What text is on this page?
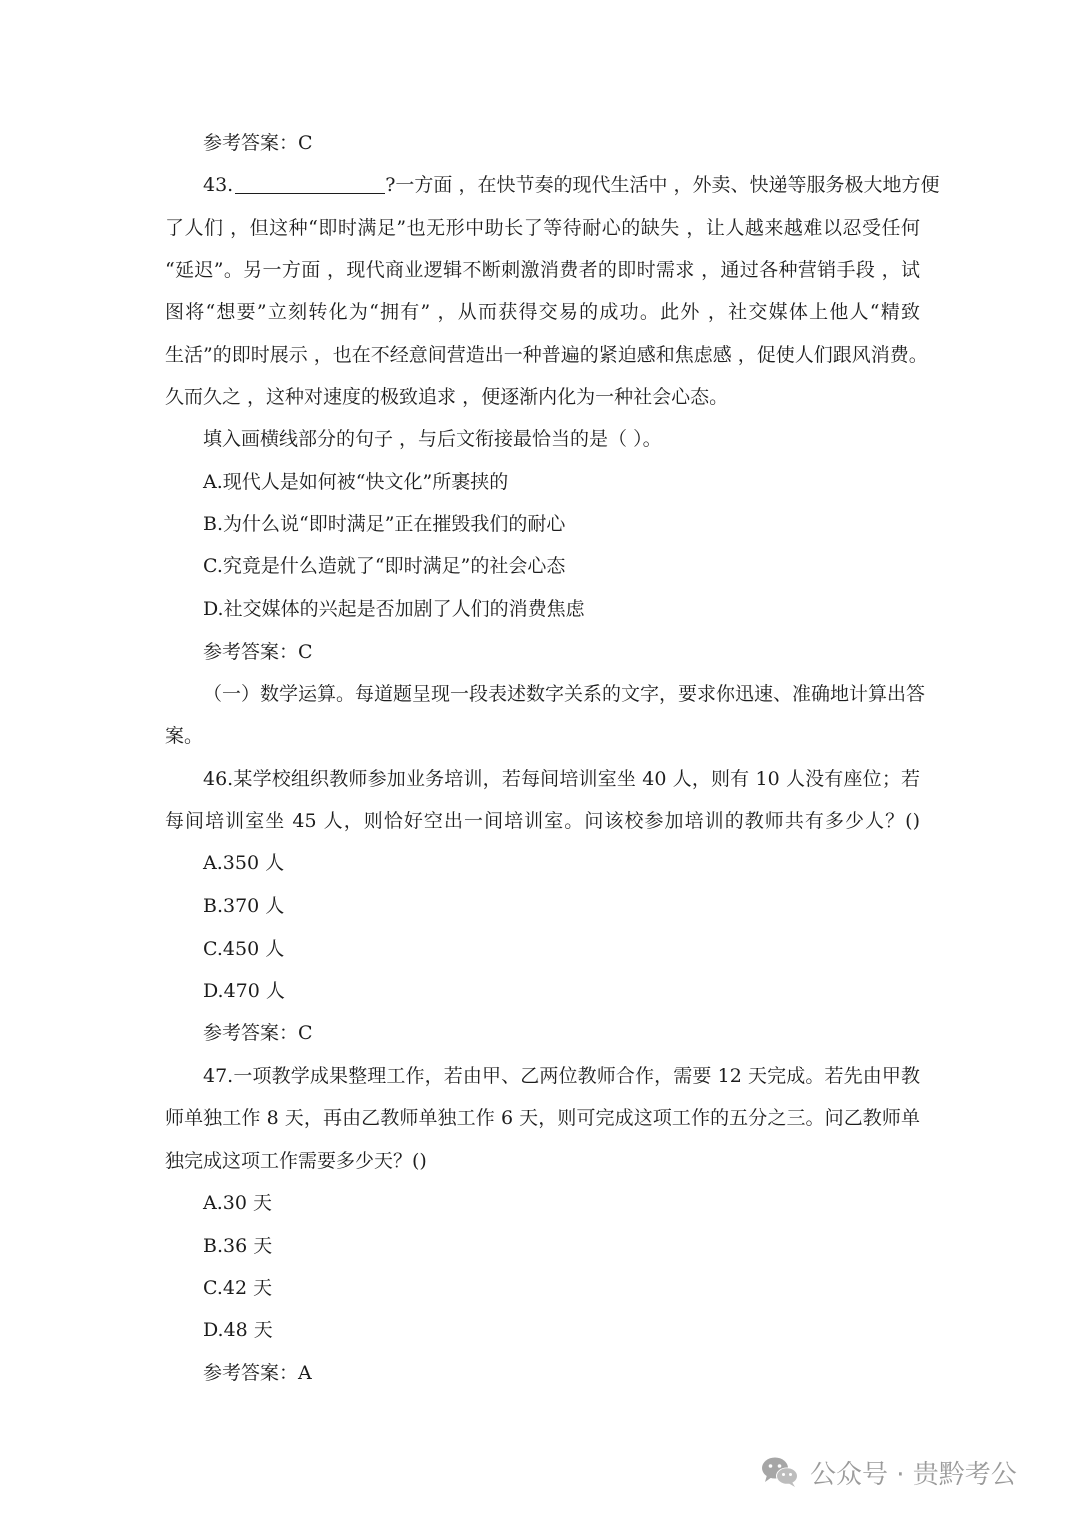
参考答案：C
43.	?一方面 ，在快节奏的现代生活中 ，外卖、快递等服务极大地方便
了人们 ，但这种“即时满足”也无形中助长了等待耐心的缺失 ，让人越来越难以忍受任何
“延迟”。另一方面 ，现代商业逻辑不断刺激消费者的即时需求 ，通过各种营销手段 ，试
图将“想要”立刻转化为“拥有” ，从而获得交易的成功。此外 ，社交媒体上他人“精致
生活”的即时展示 ，也在不经意间营造出一种普遍的紧迫感和焦虑感 ，促使人们跟风消费。
久而久之 ，这种对速度的极致追求 ，便逐渐内化为一种社会心态。
填入画横线部分的句子 ，与后文衔接最恰当的是（ ）。
A.现代人是如何被“快文化”所裹挟的
B.为什么说“即时满足”正在摧毁我们的耐心
C.究竟是什么造就了“即时满足”的社会心态
D.社交媒体的兴起是否加剧了人们的消费焦虑
参考答案：C
（一）数学运算。每道题呈现一段表述数字关系的文字，要求你迅速、准确地计算出答
案。
46.某学校组织教师参加业务培训，若每间培训室坐 40 人，则有 10 人没有座位；若
每间培训室坐 45 人，则恰好空出一间培训室。问该校参加培训的教师共有多少人？()
A.350 人
B.370 人
C.450 人
D.470 人
参考答案：C
47.一项教学成果整理工作，若由甲、乙两位教师合作，需要 12 天完成。若先由甲教
师单独工作 8 天，再由乙教师单独工作 6 天，则可完成这项工作的五分之三。问乙教师单
独完成这项工作需要多少天？()
A.30 天
B.36 天
C.42 天
D.48 天
参考答案：A
公众号 · 贵黔考公
